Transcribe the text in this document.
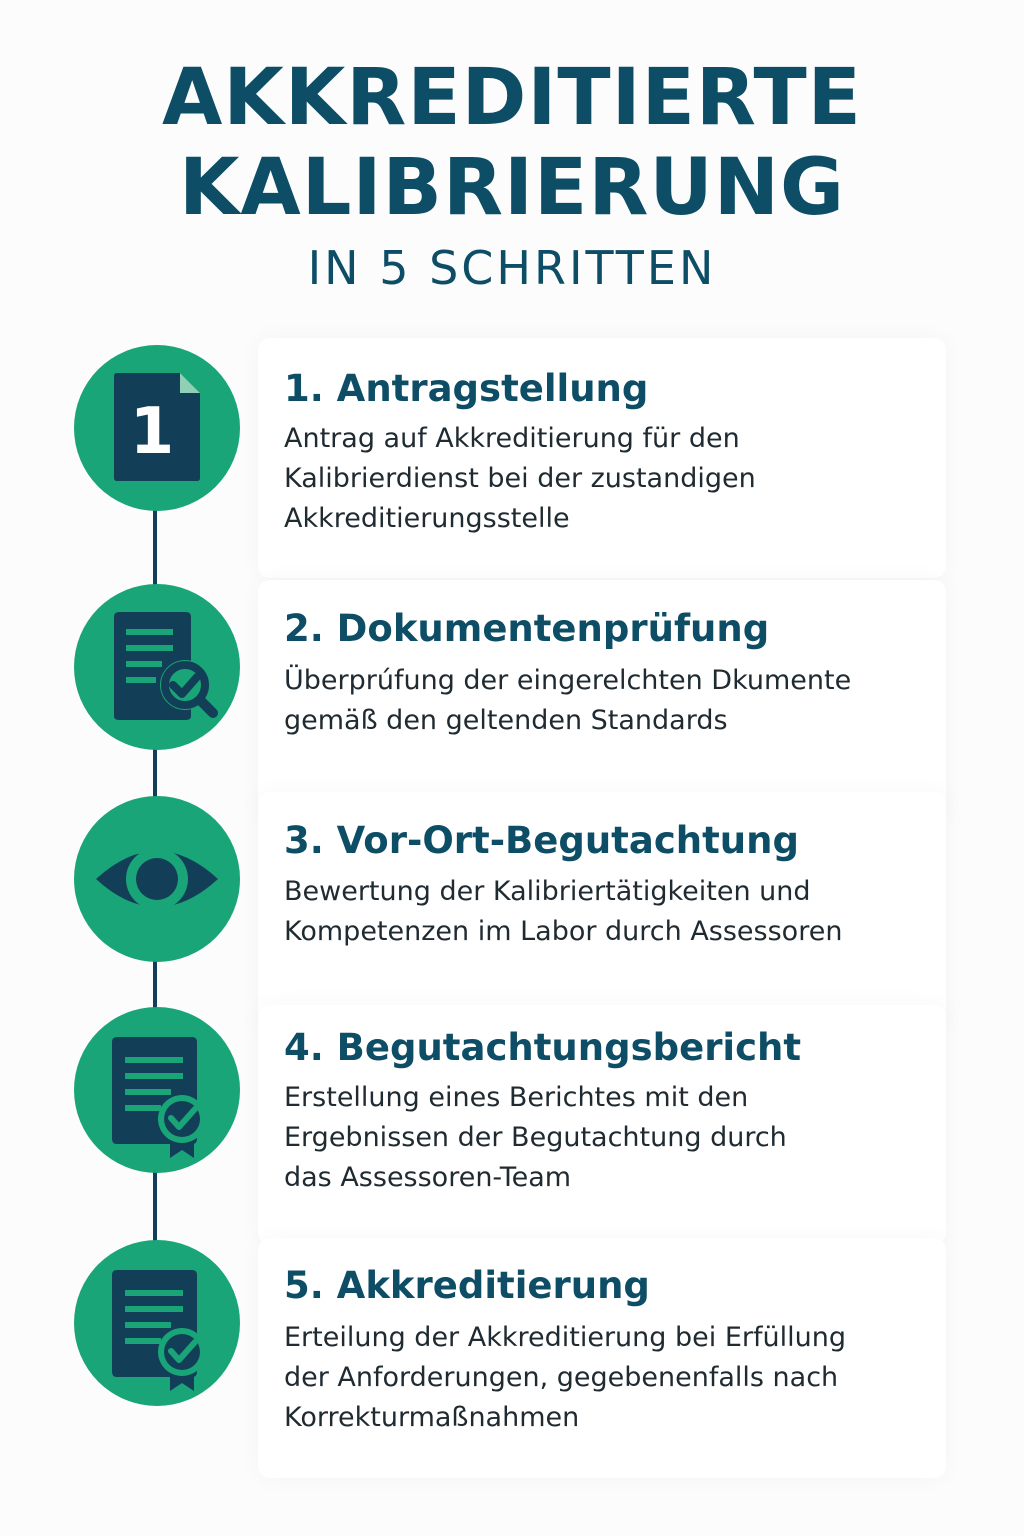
AKKREDITIERTE
KALIBRIERUNG
IN 5 SCHRITTEN
1
1. Antragstellung
Antrag auf Akkreditierung für den
Kalibrierdienst bei der zustandigen
Akkreditierungsstelle
2. Dokumentenprüfung
Überprúfung der eingerelchten Dkumente
gemäß den geltenden Standards
3. Vor-Ort-Begutachtung
Bewertung der Kalibriertätigkeiten und
Kompetenzen im Labor durch Assessoren
4. Begutachtungsbericht
Erstellung eines Berichtes mit den
Ergebnissen der Begutachtung durch
das Assessoren-Team
5. Akkreditierung
Erteilung der Akkreditierung bei Erfüllung
der Anforderungen, gegebenenfalls nach
Korrekturmaßnahmen
